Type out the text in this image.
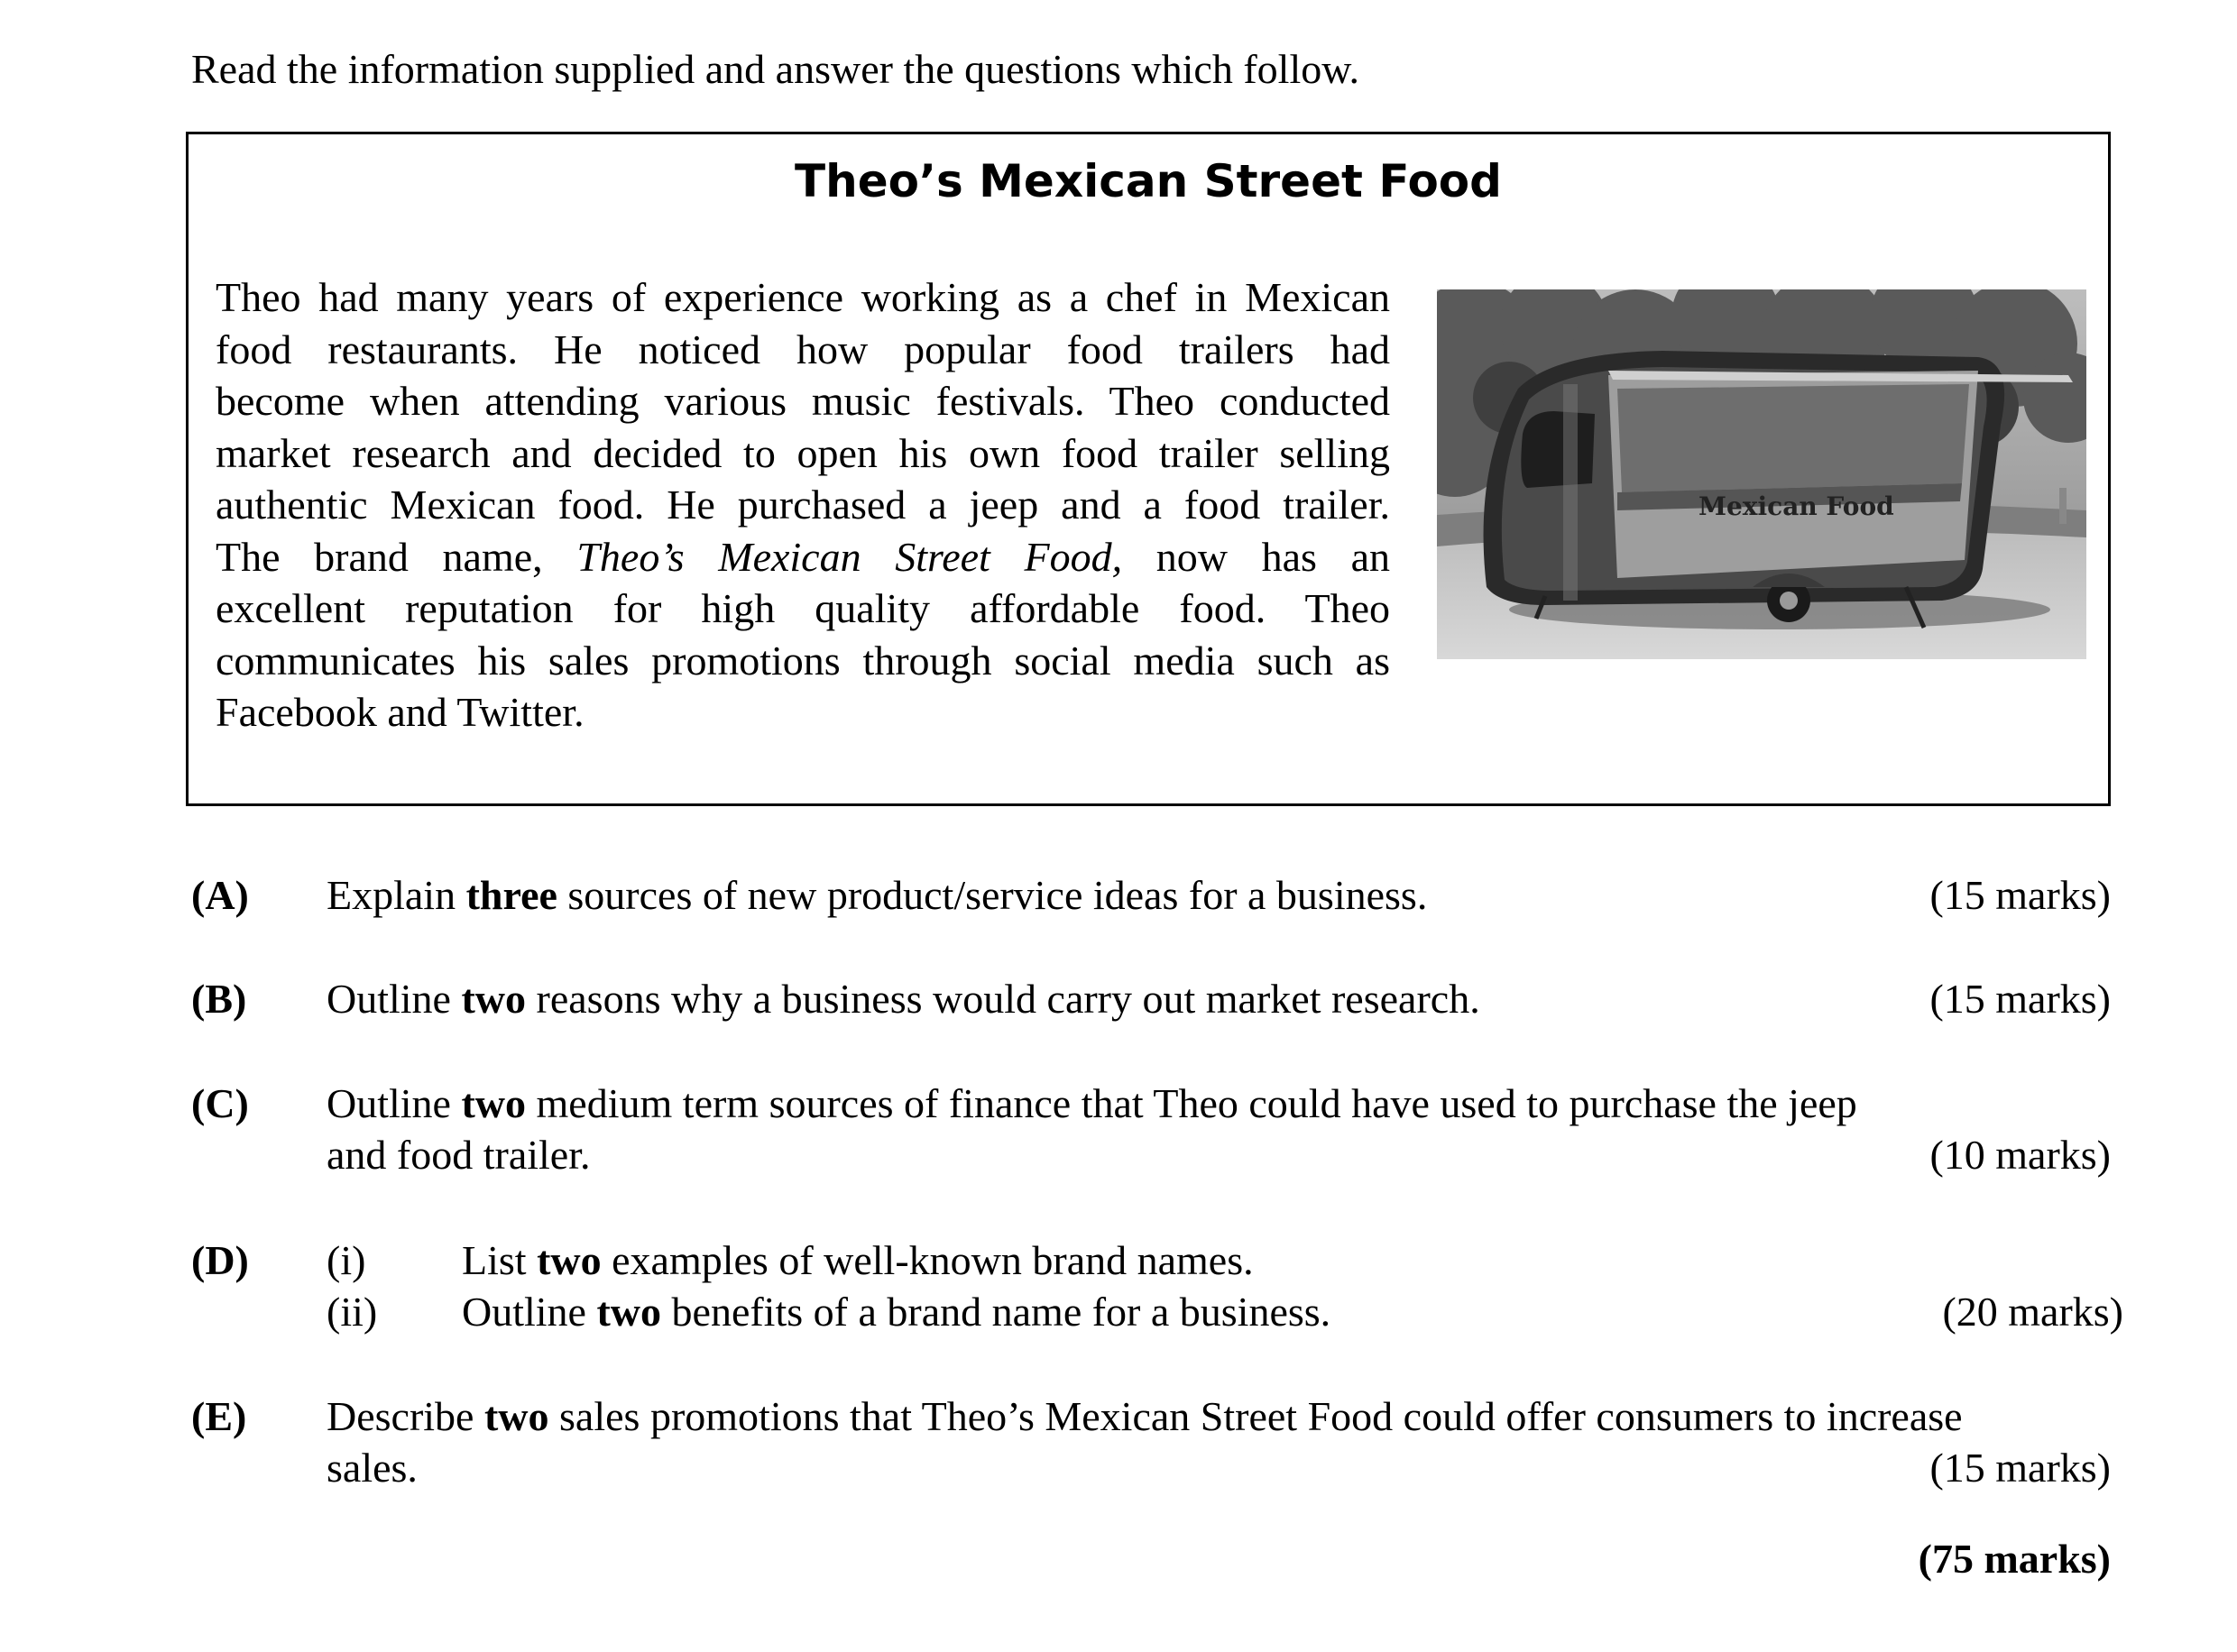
Read the information supplied and answer the questions which follow.
Theo’s Mexican Street Food
Theo had many years of experience working as a chef in Mexican
food restaurants. He noticed how popular food trailers had
become when attending various music festivals. Theo conducted
market research and decided to open his own food trailer selling
authentic Mexican food. He purchased a jeep and a food trailer.
The brand name, Theo’s Mexican Street Food, now has an
excellent reputation for high quality affordable food. Theo
communicates his sales promotions through social media such as
Facebook and Twitter.
Mexican Food
(A) Explain three sources of new product/service ideas for a business.	(15 marks)
(B) Outline two reasons why a business would carry out market research.	(15 marks)
(C) Outline two medium term sources of finance that Theo could have used to purchase the jeep
and food trailer.	(10 marks)
(D) (i) List two examples of well-known brand names.
(ii) Outline two benefits of a brand name for a business.	(20 marks)
(E) Describe two sales promotions that Theo’s Mexican Street Food could offer consumers to increase
sales.	(15 marks)
(75 marks)
